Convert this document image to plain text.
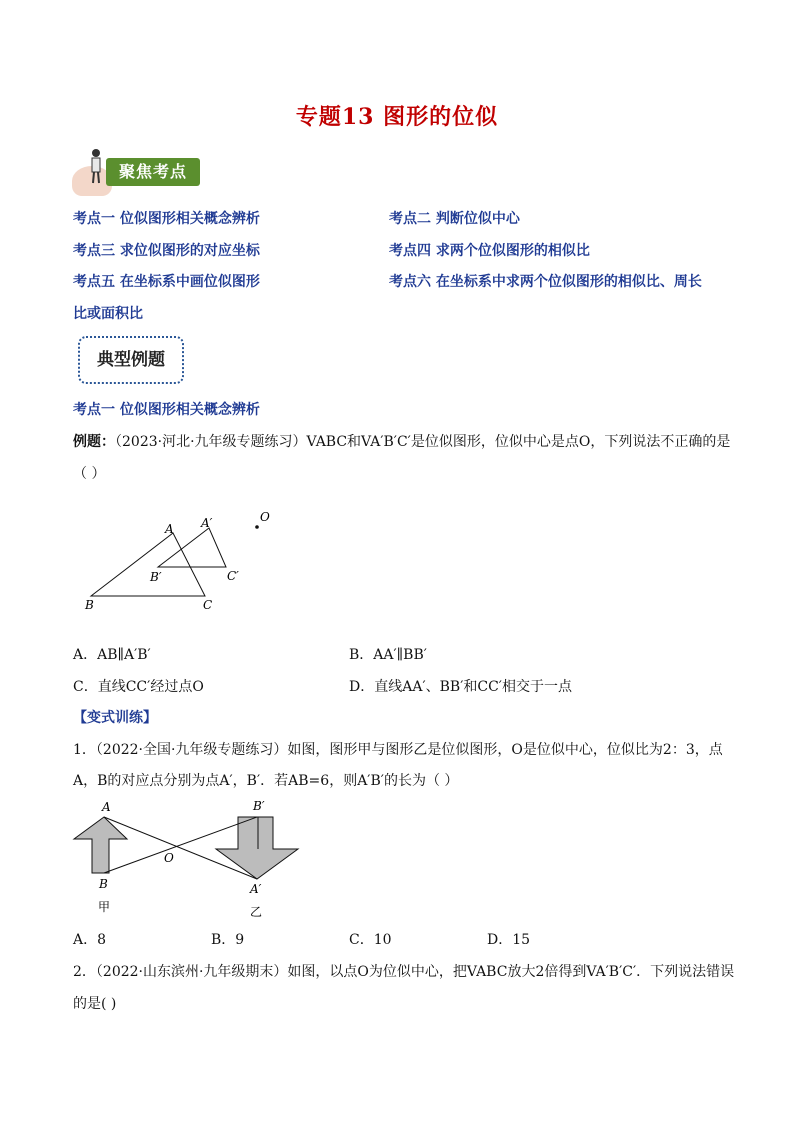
专题13 图形的位似
聚焦考点
考点一 位似图形相关概念辨析	考点二 判断位似中心
考点三 求位似图形的对应坐标	考点四 求两个位似图形的相似比
考点五 在坐标系中画位似图形	考点六 在坐标系中求两个位似图形的相似比、周长
比或面积比
典型例题
考点一 位似图形相关概念辨析
例题：（2023·河北·九年级专题练习）VABC和VA′B′C′是位似图形，位似中心是点O，下列说法不正确的是
（ ）
A A′	O
B′	C′
B	C
A．AB∥A′B′	B．AA′∥BB′
C．直线CC′经过点O	D．直线AA′、BB′和CC′相交于一点
【变式训练】
1．（2022·全国·九年级专题练习）如图，图形甲与图形乙是位似图形，O是位似中心，位似比为2：3，点
A，B的对应点分别为点A′，B′．若AB=6，则A′B′的长为（ ）
A
B
O
B′
A′
甲	乙
A．8	B．9	C．10	D．15
2．（2022·山东滨州·九年级期末）如图，以点O为位似中心，把VABC放大2倍得到VA′B′C′．下列说法错误
的是( )
